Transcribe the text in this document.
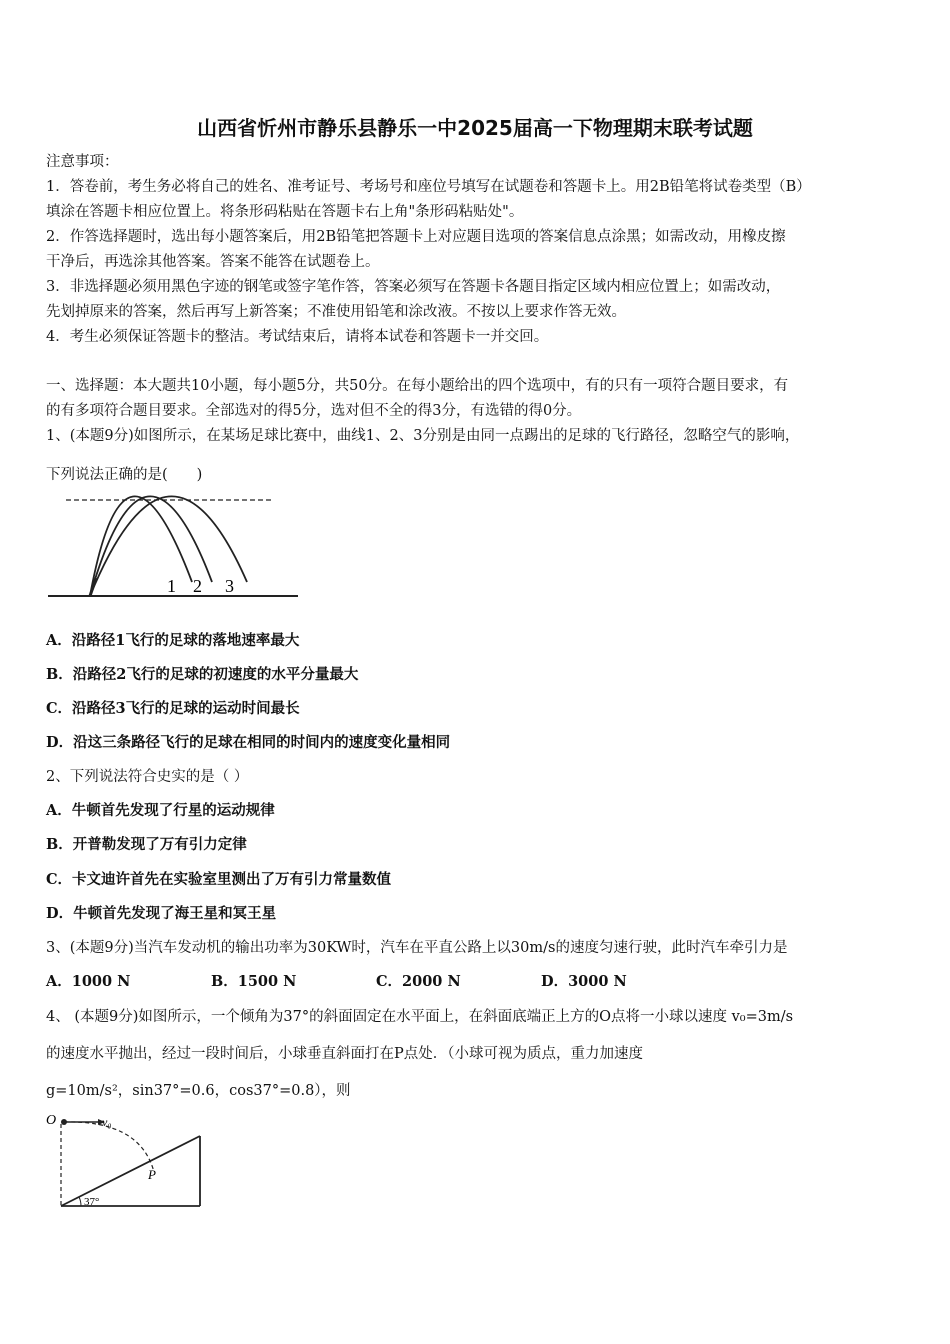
山西省忻州市静乐县静乐一中2025届高一下物理期末联考试题
注意事项：
1．答卷前，考生务必将自己的姓名、准考证号、考场号和座位号填写在试题卷和答题卡上。用2B铅笔将试卷类型（B）
填涂在答题卡相应位置上。将条形码粘贴在答题卡右上角"条形码粘贴处"。
2．作答选择题时，选出每小题答案后，用2B铅笔把答题卡上对应题目选项的答案信息点涂黑；如需改动，用橡皮擦
干净后，再选涂其他答案。答案不能答在试题卷上。
3．非选择题必须用黑色字迹的钢笔或签字笔作答，答案必须写在答题卡各题目指定区域内相应位置上；如需改动，
先划掉原来的答案，然后再写上新答案；不准使用铅笔和涂改液。不按以上要求作答无效。
4．考生必须保证答题卡的整洁。考试结束后，请将本试卷和答题卡一并交回。
一、选择题：本大题共10小题，每小题5分，共50分。在每小题给出的四个选项中，有的只有一项符合题目要求，有
的有多项符合题目要求。全部选对的得5分，选对但不全的得3分，有选错的得0分。
1、(本题9分)如图所示，在某场足球比赛中，曲线1、2、3分别是由同一点踢出的足球的飞行路径，忽略空气的影响，
下列说法正确的是(　　)
1 2 3
A．沿路径1飞行的足球的落地速率最大
B．沿路径2飞行的足球的初速度的水平分量最大
C．沿路径3飞行的足球的运动时间最长
D．沿这三条路径飞行的足球在相同的时间内的速度变化量相同
2、下列说法符合史实的是（ ）
A．牛顿首先发现了行星的运动规律
B．开普勒发现了万有引力定律
C．卡文迪许首先在实验室里测出了万有引力常量数值
D．牛顿首先发现了海王星和冥王星
3、(本题9分)当汽车发动机的输出功率为30KW时，汽车在平直公路上以30m/s的速度匀速行驶，此时汽车牵引力是
A．1000 N	B．1500 N	C．2000 N	D．3000 N
4、 (本题9分)如图所示，一个倾角为37°的斜面固定在水平面上，在斜面底端正上方的O点将一小球以速度 v₀=3m/s
的速度水平抛出，经过一段时间后，小球垂直斜面打在P点处．（小球可视为质点，重力加速度
g=10m/s²，sin37°=0.6，cos37°=0.8），则
O	v₀
P
37°
